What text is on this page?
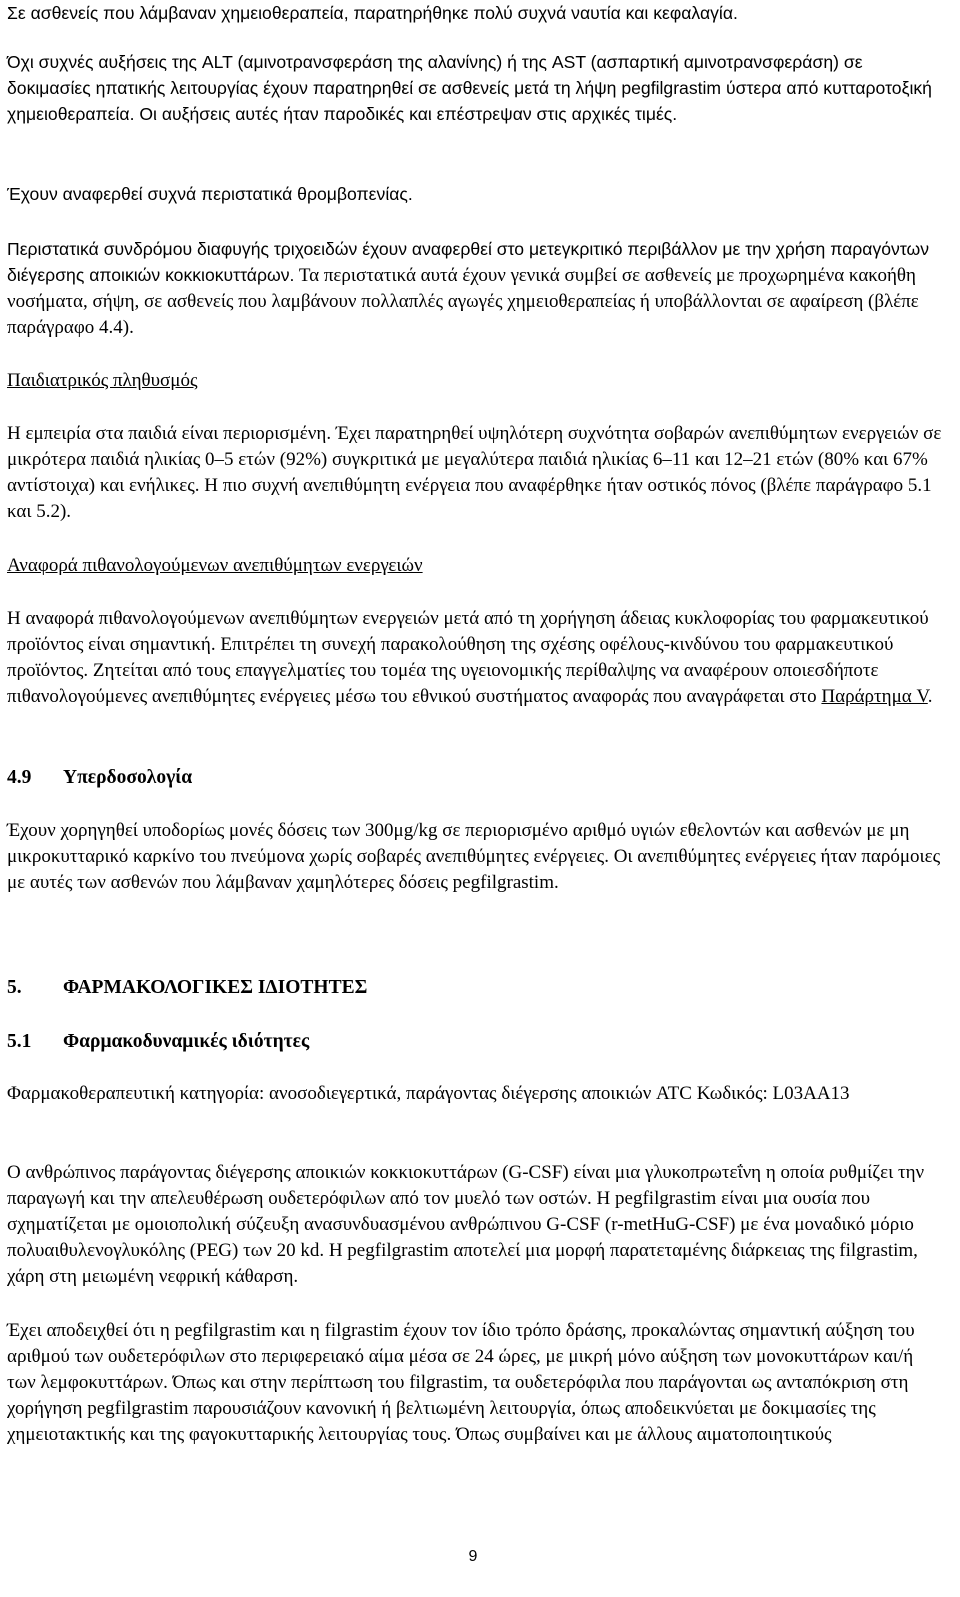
Σε ασθενείς που λάμβαναν χημειοθεραπεία, παρατηρήθηκε πολύ συχνά ναυτία και κεφαλαγία.

Όχι συχνές αυξήσεις της ALT (αμινοτρανσφεράση της αλανίνης) ή της AST (ασπαρτική αμινοτρανσφεράση) σε δοκιμασίες ηπατικής λειτουργίας έχουν παρατηρηθεί σε ασθενείς μετά τη λήψη pegfilgrastim ύστερα από κυτταροτοξική χημειοθεραπεία. Οι αυξήσεις αυτές ήταν παροδικές και επέστρεψαν στις αρχικές τιμές.

Έχουν αναφερθεί συχνά περιστατικά θρομβοπενίας.

Περιστατικά συνδρόμου διαφυγής τριχοειδών έχουν αναφερθεί στο μετεγκριτικό περιβάλλον με την χρήση παραγόντων διέγερσης αποικιών κοκκιοκυττάρων. Τα περιστατικά αυτά έχουν γενικά συμβεί σε ασθενείς με προχωρημένα κακοήθη νοσήματα, σήψη, σε ασθενείς που λαμβάνουν πολλαπλές αγωγές χημειοθεραπείας ή υποβάλλονται σε αφαίρεση (βλέπε παράγραφο 4.4).

Παιδιατρικός πληθυσμός

Η εμπειρία στα παιδιά είναι περιορισμένη. Έχει παρατηρηθεί υψηλότερη συχνότητα σοβαρών ανεπιθύμητων ενεργειών σε μικρότερα παιδιά ηλικίας 0–5 ετών (92%) συγκριτικά με μεγαλύτερα παιδιά ηλικίας 6–11 και 12–21 ετών (80% και 67% αντίστοιχα) και ενήλικες. Η πιο συχνή ανεπιθύμητη ενέργεια που αναφέρθηκε ήταν οστικός πόνος (βλέπε παράγραφο 5.1 και 5.2).

Αναφορά πιθανολογούμενων ανεπιθύμητων ενεργειών

Η αναφορά πιθανολογούμενων ανεπιθύμητων ενεργειών μετά από τη χορήγηση άδειας κυκλοφορίας του φαρμακευτικού προϊόντος είναι σημαντική. Επιτρέπει τη συνεχή παρακολούθηση της σχέσης οφέλους-κινδύνου του φαρμακευτικού προϊόντος. Ζητείται από τους επαγγελματίες του τομέα της υγειονομικής περίθαλψης να αναφέρουν οποιεσδήποτε πιθανολογούμενες ανεπιθύμητες ενέργειες μέσω του εθνικού συστήματος αναφοράς που αναγράφεται στο Παράρτημα V.

4.9 Υπερδοσολογία

Έχουν χορηγηθεί υποδορίως μονές δόσεις των 300μg/kg σε περιορισμένο αριθμό υγιών εθελοντών και ασθενών με μη μικροκυτταρικό καρκίνο του πνεύμονα χωρίς σοβαρές ανεπιθύμητες ενέργειες. Οι ανεπιθύμητες ενέργειες ήταν παρόμοιες με αυτές των ασθενών που λάμβαναν χαμηλότερες δόσεις pegfilgrastim.

5. ΦΑΡΜΑΚΟΛΟΓΙΚΕΣ ΙΔΙΟΤΗΤΕΣ

5.1 Φαρμακοδυναμικές ιδιότητες

Φαρμακοθεραπευτική κατηγορία: ανοσοδιεγερτικά, παράγοντας διέγερσης αποικιών ATC Κωδικός: L03AA13

Ο ανθρώπινος παράγοντας διέγερσης αποικιών κοκκιοκυττάρων (G-CSF) είναι μια γλυκοπρωτεΐνη η οποία ρυθμίζει την παραγωγή και την απελευθέρωση ουδετερόφιλων από τον μυελό των οστών. Η pegfilgrastim είναι μια ουσία που σχηματίζεται με ομοιοπολική σύζευξη ανασυνδυασμένου ανθρώπινου G-CSF (r-metHuG-CSF) με ένα μοναδικό μόριο πολυαιθυλενογλυκόλης (PEG) των 20 kd. Η pegfilgrastim αποτελεί μια μορφή παρατεταμένης διάρκειας της filgrastim, χάρη στη μειωμένη νεφρική κάθαρση.

Έχει αποδειχθεί ότι η pegfilgrastim και η filgrastim έχουν τον ίδιο τρόπο δράσης, προκαλώντας σημαντική αύξηση του αριθμού των ουδετερόφιλων στο περιφερειακό αίμα μέσα σε 24 ώρες, με μικρή μόνο αύξηση των μονοκυττάρων και/ή των λεμφοκυττάρων. Όπως και στην περίπτωση του filgrastim, τα ουδετερόφιλα που παράγονται ως ανταπόκριση στη χορήγηση pegfilgrastim παρουσιάζουν κανονική ή βελτιωμένη λειτουργία, όπως αποδεικνύεται με δοκιμασίες της χημειοτακτικής και της φαγοκυτταρικής λειτουργίας τους. Όπως συμβαίνει και με άλλους αιματοποιητικούς

9
